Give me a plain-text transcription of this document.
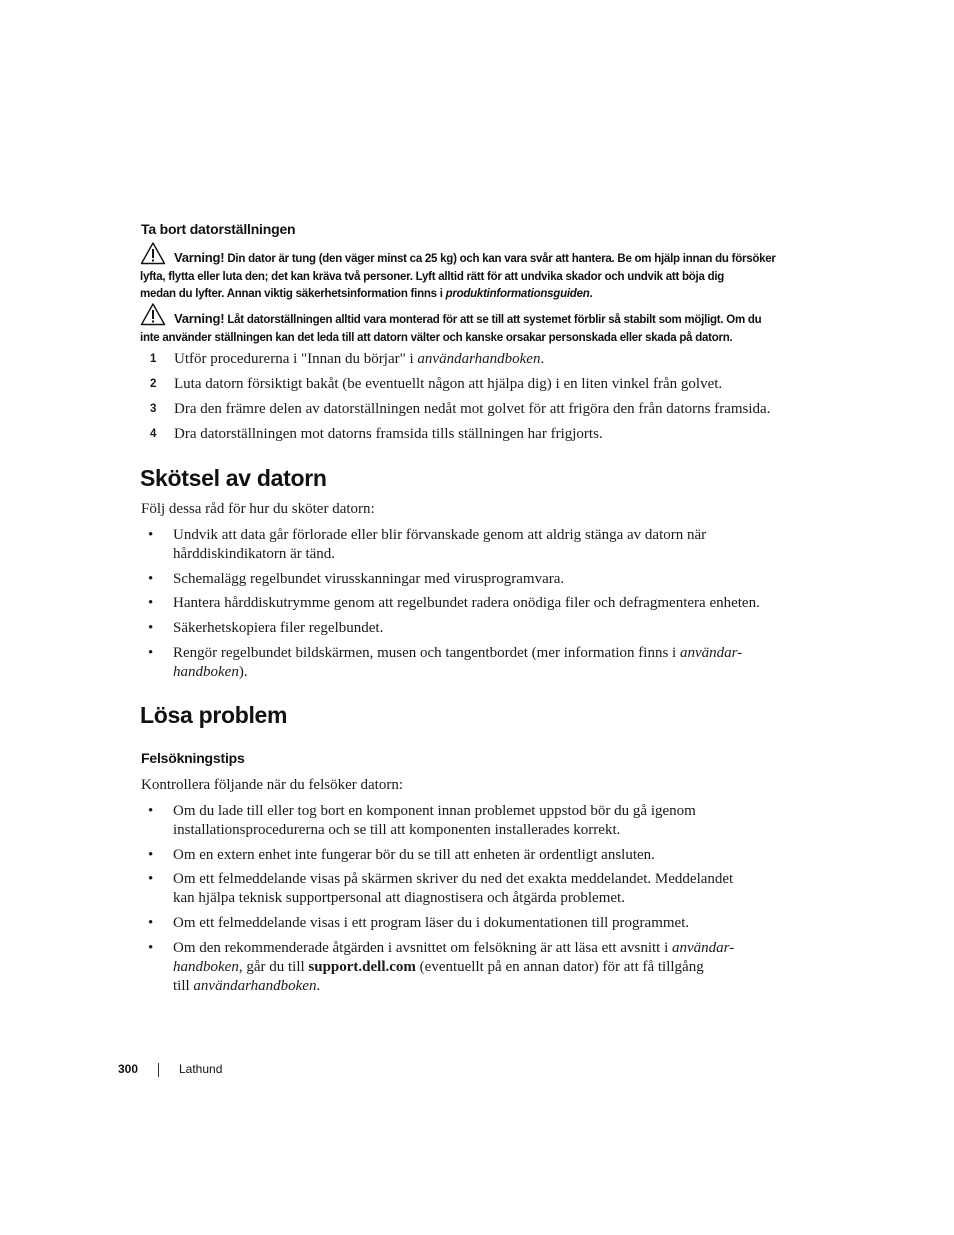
Ta bort datorställningen
Varning! Din dator är tung (den väger minst ca 25 kg) och kan vara svår att hantera. Be om hjälp innan du försöker
lyfta, flytta eller luta den; det kan kräva två personer. Lyft alltid rätt för att undvika skador och undvik att böja dig
medan du lyfter. Annan viktig säkerhetsinformation finns i produktinformationsguiden.
Varning! Låt datorställningen alltid vara monterad för att se till att systemet förblir så stabilt som möjligt. Om du
inte använder ställningen kan det leda till att datorn välter och kanske orsakar personskada eller skada på datorn.
1 Utför procedurerna i "Innan du börjar" i användarhandboken.
2 Luta datorn försiktigt bakåt (be eventuellt någon att hjälpa dig) i en liten vinkel från golvet.
3 Dra den främre delen av datorställningen nedåt mot golvet för att frigöra den från datorns framsida.
4 Dra datorställningen mot datorns framsida tills ställningen har frigjorts.
Skötsel av datorn
Följ dessa råd för hur du sköter datorn:
• Undvik att data går förlorade eller blir förvanskade genom att aldrig stänga av datorn när
hårddiskindikatorn är tänd.
• Schemalägg regelbundet virusskanningar med virusprogramvara.
• Hantera hårddiskutrymme genom att regelbundet radera onödiga filer och defragmentera enheten.
• Säkerhetskopiera filer regelbundet.
• Rengör regelbundet bildskärmen, musen och tangentbordet (mer information finns i användar-
handboken).
Lösa problem
Felsökningstips
Kontrollera följande när du felsöker datorn:
• Om du lade till eller tog bort en komponent innan problemet uppstod bör du gå igenom
installationsprocedurerna och se till att komponenten installerades korrekt.
• Om en extern enhet inte fungerar bör du se till att enheten är ordentligt ansluten.
• Om ett felmeddelande visas på skärmen skriver du ned det exakta meddelandet. Meddelandet
kan hjälpa teknisk supportpersonal att diagnostisera och åtgärda problemet.
• Om ett felmeddelande visas i ett program läser du i dokumentationen till programmet.
• Om den rekommenderade åtgärden i avsnittet om felsökning är att läsa ett avsnitt i användar-
handboken, går du till support.dell.com (eventuellt på en annan dator) för att få tillgång
till användarhandboken.
300	Lathund
